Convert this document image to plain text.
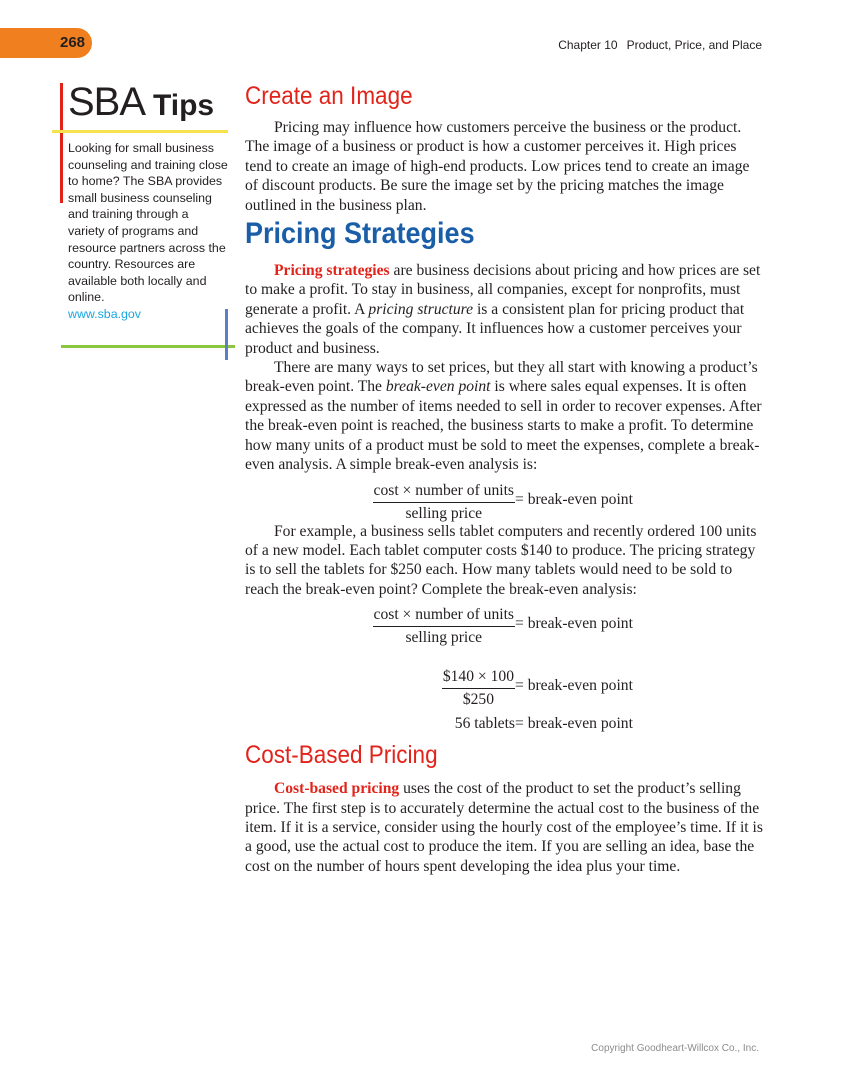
268	Chapter 10 Product, Price, and Place
SBA Tips
Looking for small business counseling and training close to home? The SBA provides small business counseling and training through a variety of programs and resource partners across the country. Resources are available both locally and online.
www.sba.gov
Create an Image

Pricing may influence how customers perceive the business or the product. The image of a business or product is how a customer perceives it. High prices tend to create an image of high-end products. Low prices tend to create an image of discount products. Be sure the image set by the pricing matches the image outlined in the business plan.

Pricing Strategies

Pricing strategies are business decisions about pricing and how prices are set to make a profit. To stay in business, all companies, except for nonprofits, must generate a profit. A pricing structure is a consistent plan for pricing product that achieves the goals of the company. It influences how a customer perceives your product and business.

There are many ways to set prices, but they all start with knowing a product’s break-even point. The break-even point is where sales equal expenses. It is often expressed as the number of items needed to sell in order to recover expenses. After the break-even point is reached, the business starts to make a profit. To determine how many units of a product must be sold to meet the expenses, complete a break-even analysis. A simple break-even analysis is:

cost × number of units
selling price
= break-even point

For example, a business sells tablet computers and recently ordered 100 units of a new model. Each tablet computer costs $140 to produce. The pricing strategy is to sell the tablets for $250 each. How many tablets would need to be sold to reach the break-even point? Complete the break-even analysis:

cost × number of units
selling price
= break-even point
$\frac{\$140 \times 100}{\$250}$ = break-even point
56 tablets = break-even point
Cost-Based Pricing

Cost-based pricing uses the cost of the product to set the product’s selling price. The first step is to accurately determine the actual cost to the business of the item. If it is a service, consider using the hourly cost of the employee’s time. If it is a good, use the actual cost to produce the item. If you are selling an idea, base the cost on the number of hours spent developing the idea plus your time.

Copyright Goodheart-Willcox Co., Inc.
